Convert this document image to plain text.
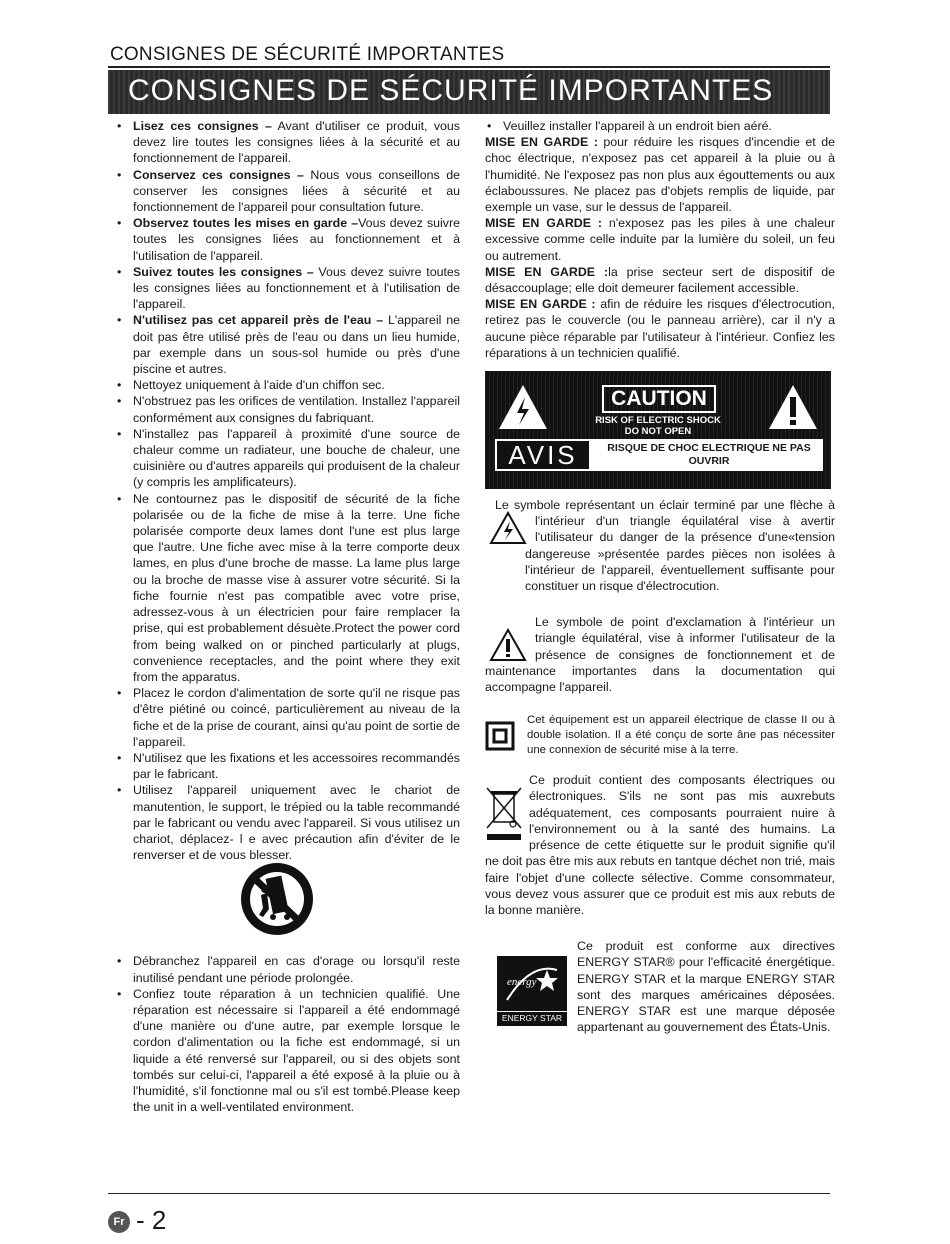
CONSIGNES DE SÉCURITÉ IMPORTANTES
CONSIGNES DE SÉCURITÉ IMPORTANTES
• Lisez ces consignes – Avant d'utiliser ce produit, vous devez lire toutes les consignes liées à la sécurité et au fonctionnement de l'appareil.
• Conservez ces consignes – Nous vous conseillons de conserver les consignes liées à sécurité et au fonctionnement de l'appareil pour consultation future.
• Observez toutes les mises en garde –Vous devez suivre toutes les consignes liées au fonctionnement et à l'utilisation de l'appareil.
• Suivez toutes les consignes – Vous devez suivre toutes les consignes liées au fonctionnement et à l'utilisation de l'appareil.
• N'utilisez pas cet appareil près de l'eau – L'appareil ne doit pas être utilisé près de l'eau ou dans un lieu humide, par exemple dans un sous-sol humide ou près d'une piscine et autres.
• Nettoyez uniquement à l'aide d'un chiffon sec.
• N'obstruez pas les orifices de ventilation. Installez l'appareil conformément aux consignes du fabriquant.
• N'installez pas l'appareil à proximité d'une source de chaleur comme un radiateur, une bouche de chaleur, une cuisinière ou d'autres appareils qui produisent de la chaleur (y compris les amplificateurs).
• Ne contournez pas le dispositif de sécurité de la fiche polarisée ou de la fiche de mise à la terre. Une fiche polarisée comporte deux lames dont l'une est plus large que l'autre. Une fiche avec mise à la terre comporte deux lames, en plus d'une broche de masse. La lame plus large ou la broche de masse vise à assurer votre sécurité. Si la fiche fournie n'est pas compatible avec votre prise, adressez-vous à un électricien pour faire remplacer la prise, qui est probablement désuète.Protect the power cord from being walked on or pinched particularly at plugs, convenience receptacles, and the point where they exit from the apparatus.
• Placez le cordon d'alimentation de sorte qu'il ne risque pas d'être piétiné ou coincé, particulièrement au niveau de la fiche et de la prise de courant, ainsi qu'au point de sortie de l'appareil.
• N'utilisez que les fixations et les accessoires recommandés par le fabricant.
• Utilisez l'appareil uniquement avec le chariot de manutention, le support, le trépied ou la table recommandé par le fabricant ou vendu avec l'appareil. Si vous utilisez un chariot, déplacez- l e avec précaution afin d'éviter de le renverser et de vous blesser.
• Débranchez l'appareil en cas d'orage ou lorsqu'il reste inutilisé pendant une période prolongée.
• Confiez toute réparation à un technicien qualifié. Une réparation est nécessaire si l'appareil a été endommagé d'une manière ou d'une autre, par exemple lorsque le cordon d'alimentation ou la fiche est endommagé, si un liquide a été renversé sur l'appareil, ou si des objets sont tombés sur celui-ci, l'appareil a été exposé à la pluie ou à l'humidité, s'il fonctionne mal ou s'il est tombé.Please keep the unit in a well-ventilated environment.
• Veuillez installer l'appareil à un endroit bien aéré.

MISE EN GARDE : pour réduire les risques d'incendie et de choc électrique, n'exposez pas cet appareil à la pluie ou à l'humidité. Ne l'exposez pas non plus aux égouttements ou aux éclaboussures. Ne placez pas d'objets remplis de liquide, par exemple un vase, sur le dessus de l'appareil.

MISE EN GARDE : n'exposez pas les piles à une chaleur excessive comme celle induite par la lumière du soleil, un feu ou autrement.

MISE EN GARDE :la prise secteur sert de dispositif de désaccouplage; elle doit demeurer facilement accessible.

MISE EN GARDE : afin de réduire les risques d'électrocution, retirez pas le couvercle (ou le panneau arrière), car il n'y a aucune pièce réparable par l'utilisateur à l'intérieur. Confiez les réparations à un technicien qualifié.

CAUTION
RISK OF ELECTRIC SHOCK
DO NOT OPEN
AVIS	RISQUE DE CHOC ELECTRIQUE NE PAS OUVRIR

Le symbole représentant un éclair terminé par une flèche à l'intérieur d'un triangle équilatéral vise à avertir l'utilisateur du danger de la présence d'une«tension dangereuse »présentée pardes pièces non isolées à l'intérieur de l'appareil, éventuellement suffisante pour constituer un risque d'électrocution.

Le symbole de point d'exclamation à l'intérieur un triangle équilatéral, vise à informer l'utilisateur de la présence de consignes de fonctionnement et de maintenance importantes dans la documentation qui accompagne l'appareil.

Cet équipement est un appareil électrique de classe II ou à double isolation. Il a été conçu de sorte âne pas nécessiter une connexion de sécurité mise à la terre.

Ce produit contient des composants électriques ou électroniques. S'ils ne sont pas mis auxrebuts adéquatement, ces composants pourraient nuire à l'environnement ou à la santé des humains. La présence de cette étiquette sur le produit signifie qu'il ne doit pas être mis aux rebuts en tantque déchet non trié, mais faire l'objet d'une collecte sélective. Comme consommateur, vous devez vous assurer que ce produit est mis aux rebuts de la bonne manière.

energy
ENERGY STAR

Ce produit est conforme aux directives ENERGY STAR® pour l'efficacité énergétique. ENERGY STAR et la marque ENERGY STAR sont des marques américaines déposées. ENERGY STAR est une marque déposée appartenant au gouvernement des États-Unis.

Fr - 2
